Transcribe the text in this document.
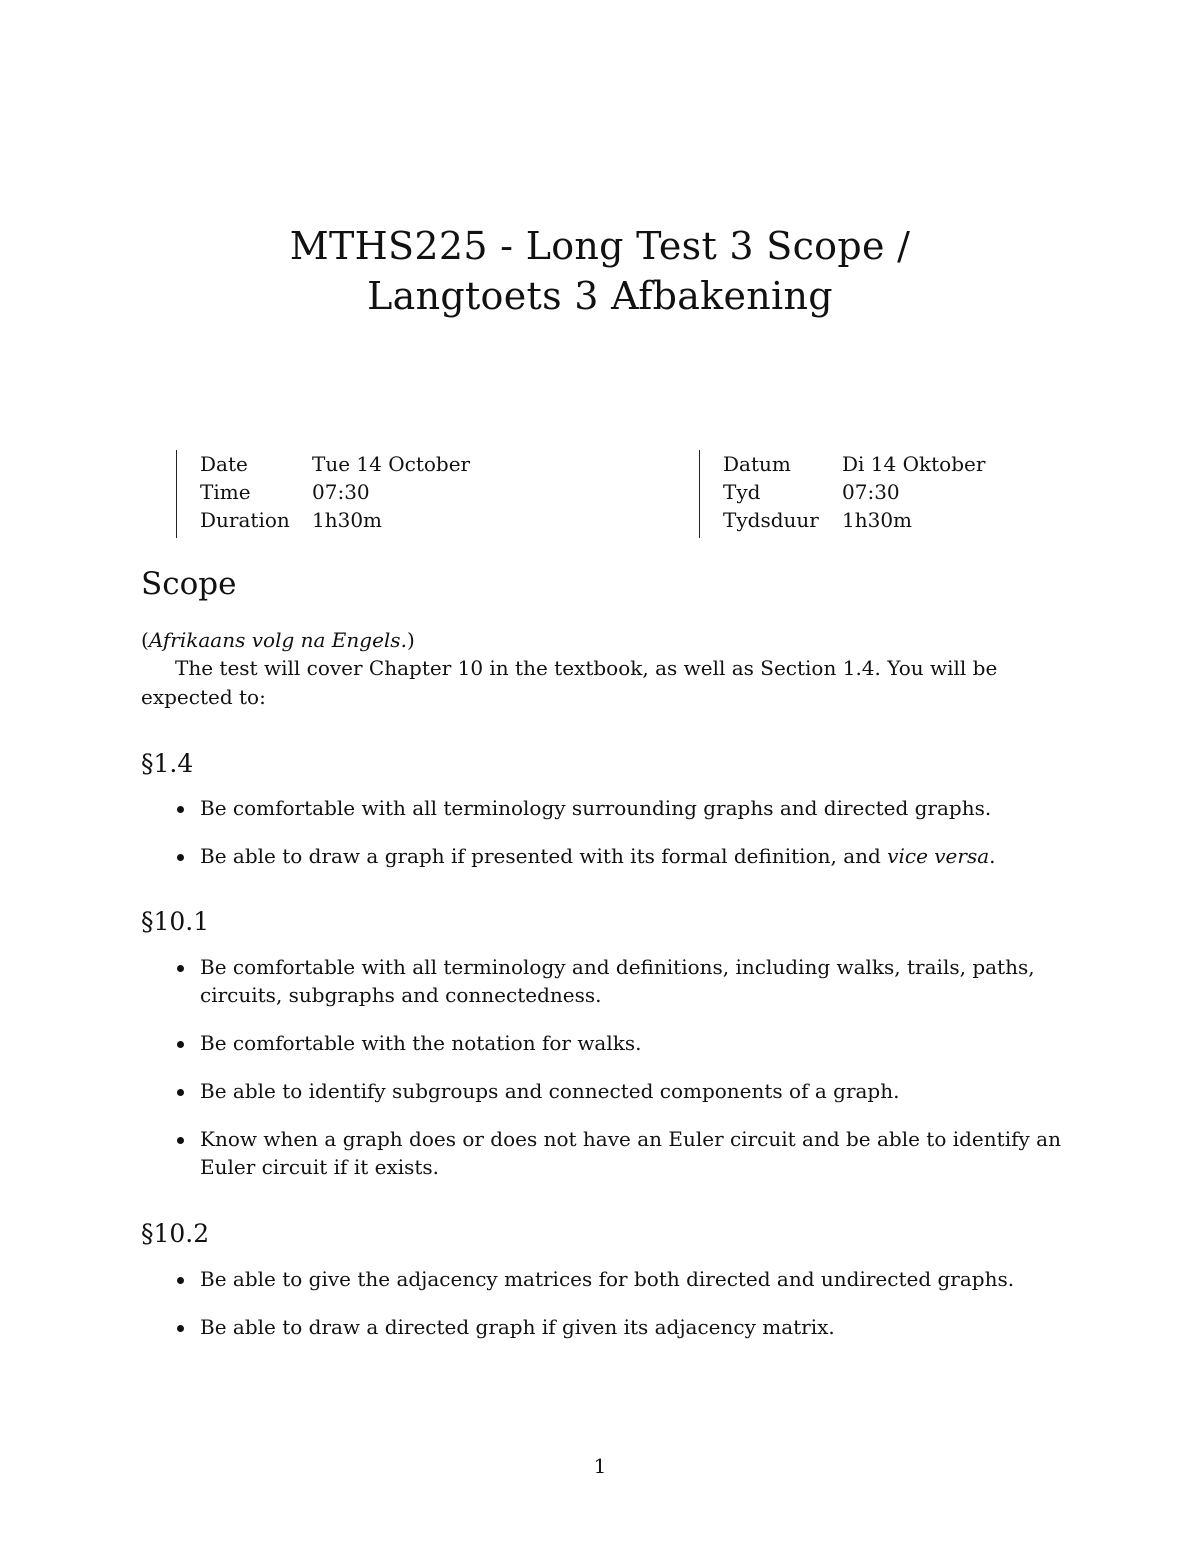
MTHS225 - Long Test 3 Scope /
Langtoets 3 Afbakening
Date	Tue 14 October
Time	07:30
Duration	1h30m
Datum	Di 14 Oktober
Tyd	07:30
Tydsduur	1h30m
Scope
(Afrikaans volg na Engels.)
The test will cover Chapter 10 in the textbook, as well as Section 1.4. You will be expected to:
§1.4
Be comfortable with all terminology surrounding graphs and directed graphs.
Be able to draw a graph if presented with its formal definition, and vice versa.
§10.1
Be comfortable with all terminology and definitions, including walks, trails, paths, circuits, subgraphs and connectedness.
Be comfortable with the notation for walks.
Be able to identify subgroups and connected components of a graph.
Know when a graph does or does not have an Euler circuit and be able to identify an Euler circuit if it exists.
§10.2
Be able to give the adjacency matrices for both directed and undirected graphs.
Be able to draw a directed graph if given its adjacency matrix.
1
